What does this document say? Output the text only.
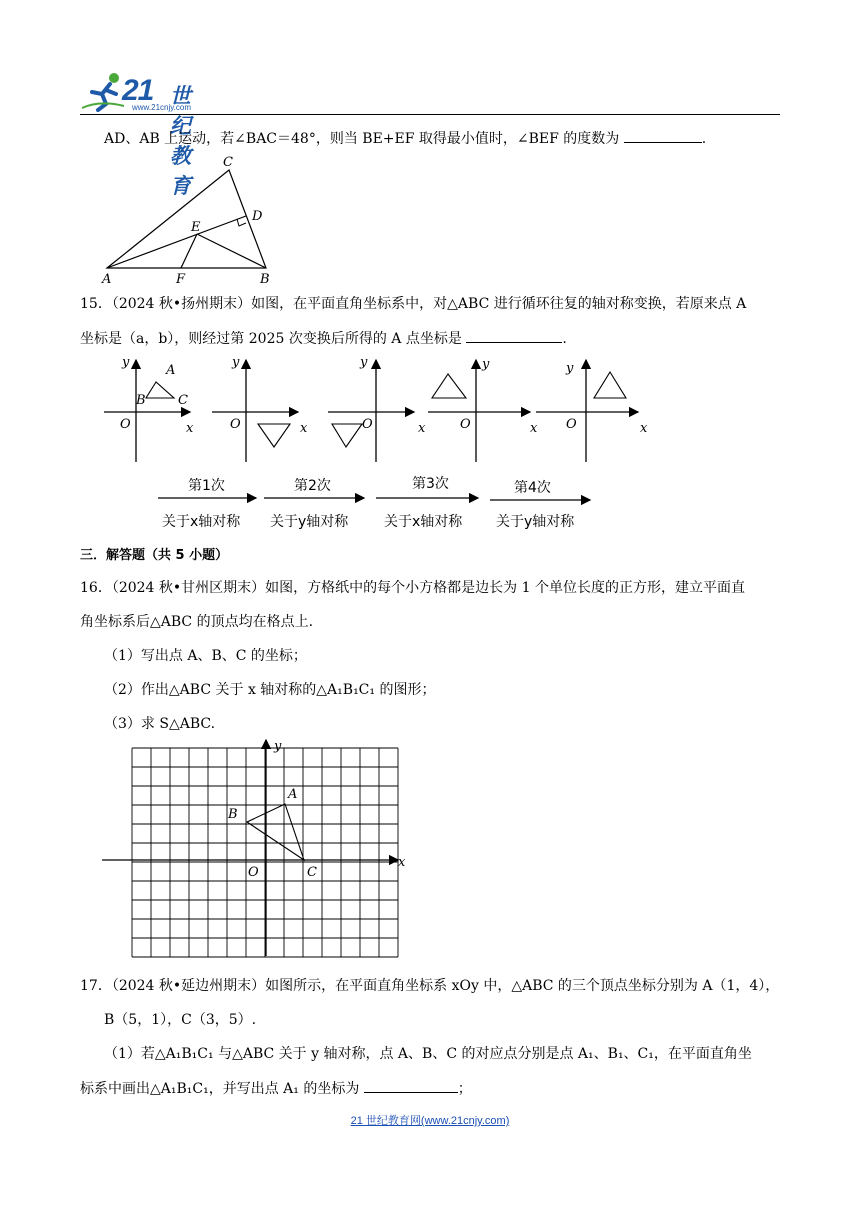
21 世纪教育
www.21cnjy.com
AD、AB 上运动，若∠BAC＝48°，则当 BE+EF 取得最小值时，∠BEF 的度数为	.
C
D
E
A	F	B
15．（2024 秋•扬州期末）如图，在平面直角坐标系中，对△ABC 进行循环往复的轴对称变换，若原来点 A
坐标是（a，b），则经过第 2025 次变换后所得的 A 点坐标是	.
y
x
O
A
B C
y
x
O
y
x
O
y
x
O
y
x
O
第1次
关于x轴对称
第2次
关于y轴对称
第3次
关于x轴对称
第4次
关于y轴对称
三．解答题（共 5 小题）
16．（2024 秋•甘州区期末）如图，方格纸中的每个小方格都是边长为 1 个单位长度的正方形，建立平面直
角坐标系后△ABC 的顶点均在格点上.
（1）写出点 A、B、C 的坐标；
（2）作出△ABC 关于 x 轴对称的△A₁B₁C₁ 的图形；
（3）求 S△ABC.
y
x
A
B
O	C
17．（2024 秋•延边州期末）如图所示，在平面直角坐标系 xOy 中，△ABC 的三个顶点坐标分别为 A（1，4），
B（5，1），C（3，5）.
（1）若△A₁B₁C₁ 与△ABC 关于 y 轴对称，点 A、B、C 的对应点分别是点 A₁、B₁、C₁，在平面直角坐
标系中画出△A₁B₁C₁，并写出点 A₁ 的坐标为	；
21 世纪教育网(www.21cnjy.com)
